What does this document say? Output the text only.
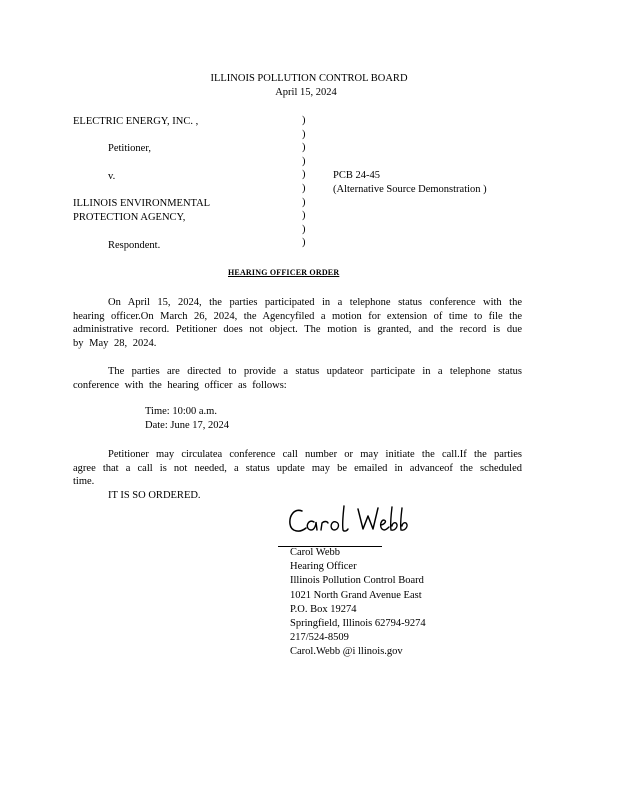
ILLINOIS POLLUTION CONTROL BOARD
April 15, 2024
ELECTRIC ENERGY, INC. ,
Petitioner,
v.
ILLINOIS ENVIRONMENTAL
PROTECTION AGENCY,
Respondent.
)
)
)
)
)
)
)
)
)
)
PCB 24-45
(Alternative Source Demonstration )
HEARING OFFICER ORDER
On April 15, 2024, the parties participated in a telephone status conference with the hearing officer.On March 26, 2024, the Agencyfiled a motion for extension of time to file the administrative record. Petitioner does not object. The motion is granted, and the record is due by May 28, 2024.
The parties are directed to provide a status updateor participate in a telephone status conference with the hearing officer as follows:
Time: 10:00 a.m.
Date: June 17, 2024
Petitioner may circulatea conference call number or may initiate the call.If the parties agree that a call is not needed, a status update may be emailed in advanceof the scheduled time.
IT IS SO ORDERED.
Carol Webb
Hearing Officer
Illinois Pollution Control Board
1021 North Grand Avenue East
P.O. Box 19274
Springfield, Illinois 62794-9274
217/524-8509
Carol.Webb @i llinois.gov
